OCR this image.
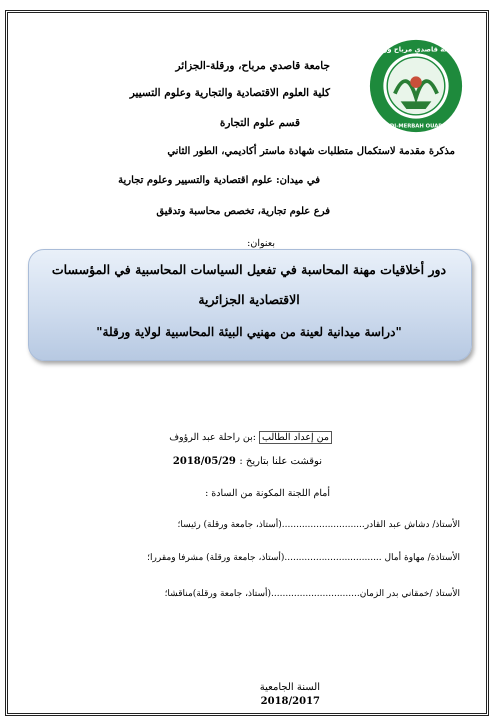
جامعة قاصدي مرباح ورقلة
KASDI-MERBAH OUARGLA
جامعة قاصدي مرباح، ورقلة-الجزائر
كلية العلوم الاقتصادية والتجارية وعلوم التسيير
قسم علوم التجارة
مذكرة مقدمة لاستكمال متطلبات شهادة ماستر أكاديمي، الطور الثاني
في ميدان: علوم اقتصادية والتسيير وعلوم تجارية
فرع علوم تجارية، تخصص محاسبة وتدقيق
بعنوان:
دور أخلاقيات مهنة المحاسبة في تفعيل السياسات المحاسبية في المؤسسات
الاقتصادية الجزائرية
"دراسة ميدانية لعينة من مهنيي البيئة المحاسبية لولاية ورقلة"
من إعداد الطالب :بن راحلة عبد الرؤوف
نوقشت علنا بتاريخ : 2018/05/29
أمام اللجنة المكونة من السادة :
الأستاذ/ دشاش عبد القادر.............................(أستاذ، جامعة ورقلة) رئيسا؛
الأستاذة/ مهاوة أمال ..................................(أستاذ، جامعة ورقلة) مشرفا ومقررا؛
الأستاذ /خمقاني بدر الزمان...............................(أستاذ، جامعة ورقلة)مناقشا؛
السنة الجامعية

2018/2017
